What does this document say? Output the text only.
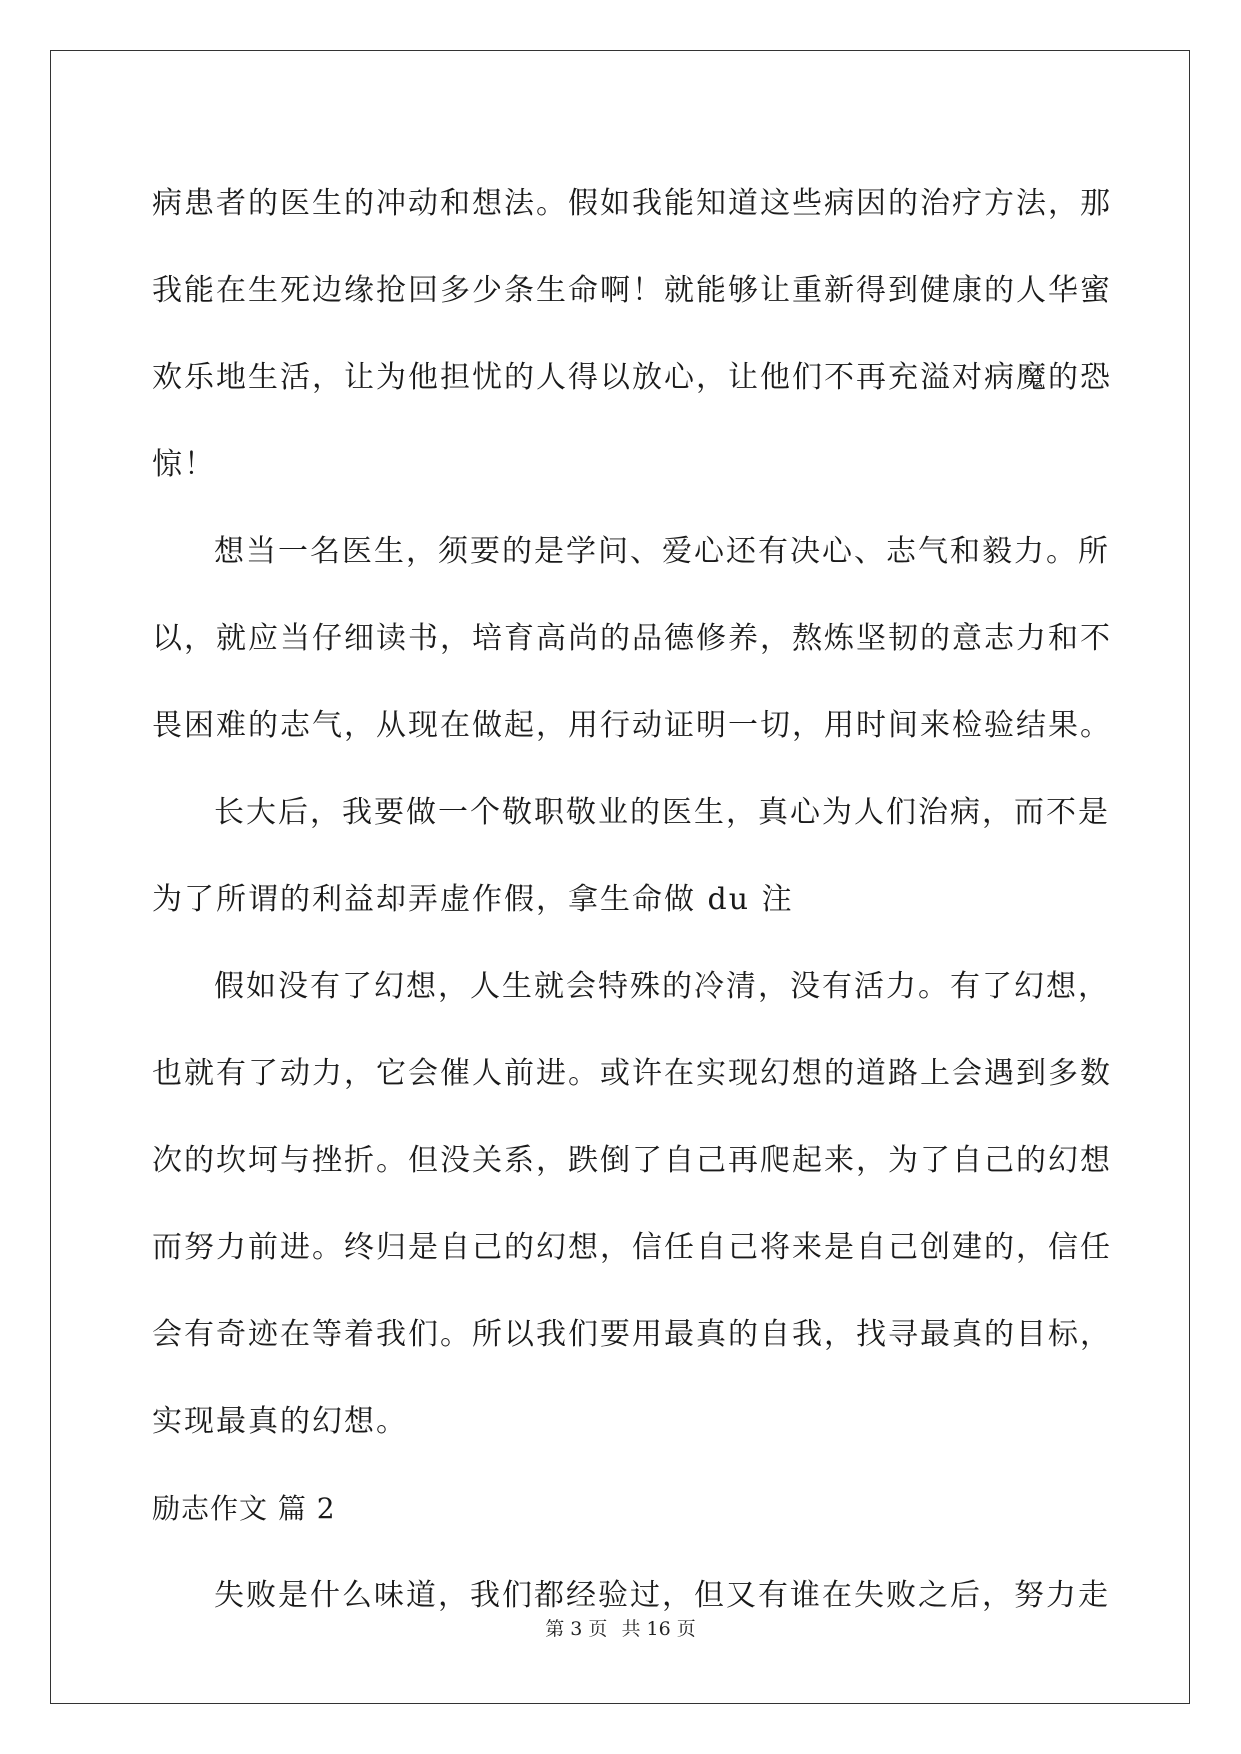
病患者的医生的冲动和想法。假如我能知道这些病因的治疗方法，那
我能在生死边缘抢回多少条生命啊！就能够让重新得到健康的人华蜜
欢乐地生活，让为他担忧的人得以放心，让他们不再充溢对病魔的恐
惊！
想当一名医生，须要的是学问、爱心还有决心、志气和毅力。所
以，就应当仔细读书，培育高尚的品德修养，熬炼坚韧的意志力和不
畏困难的志气，从现在做起，用行动证明一切，用时间来检验结果。
长大后，我要做一个敬职敬业的医生，真心为人们治病，而不是
为了所谓的利益却弄虚作假，拿生命做 du 注
假如没有了幻想，人生就会特殊的冷清，没有活力。有了幻想，
也就有了动力，它会催人前进。或许在实现幻想的道路上会遇到多数
次的坎坷与挫折。但没关系，跌倒了自己再爬起来，为了自己的幻想
而努力前进。终归是自己的幻想，信任自己将来是自己创建的，信任
会有奇迹在等着我们。所以我们要用最真的自我，找寻最真的目标，
实现最真的幻想。
励志作文 篇 2
失败是什么味道，我们都经验过，但又有谁在失败之后，努力走
第 3 页 共 16 页
